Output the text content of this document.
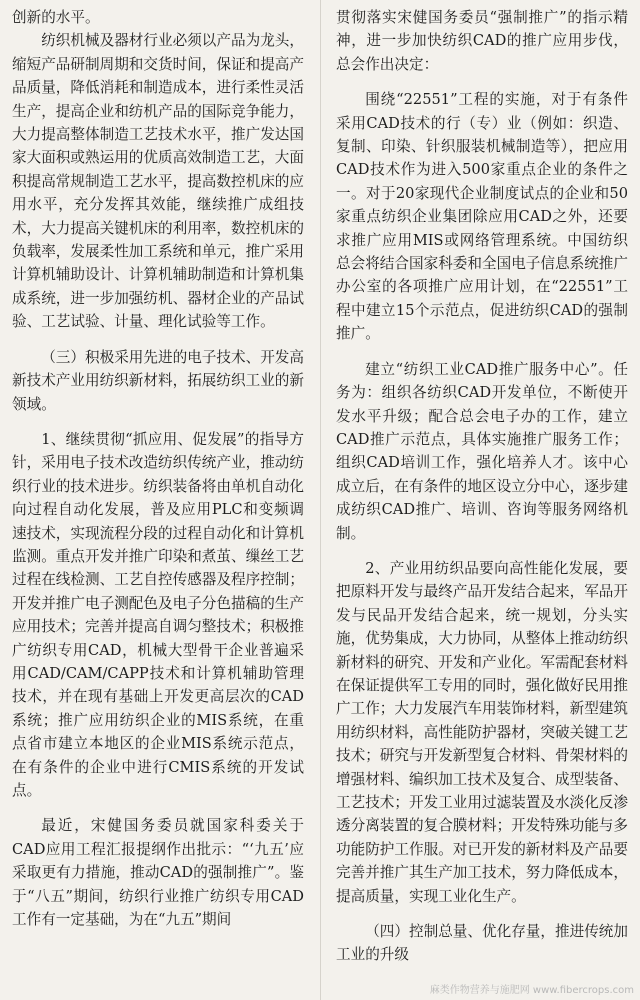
创新的水平。

纺织机械及器材行业必须以产品为龙头，缩短产品研制周期和交货时间，保证和提高产品质量，降低消耗和制造成本，进行柔性灵活生产，提高企业和纺机产品的国际竞争能力，大力提高整体制造工艺技术水平，推广发达国家大面积或熟运用的优质高效制造工艺，大面积提高常规制造工艺水平，提高数控机床的应用水平，充分发挥其效能，继续推广成组技术，大力提高关键机床的利用率，数控机床的负载率，发展柔性加工系统和单元，推广采用计算机辅助设计、计算机辅助制造和计算机集成系统，进一步加强纺机、器材企业的产品试验、工艺试验、计量、理化试验等工作。

（三）积极采用先进的电子技术、开发高新技术产业用纺织新材料，拓展纺织工业的新领域。

1、继续贯彻“抓应用、促发展”的指导方针，采用电子技术改造纺织传统产业，推动纺织行业的技术进步。纺织装备将由单机自动化向过程自动化发展，普及应用PLC和变频调速技术，实现流程分段的过程自动化和计算机监测。重点开发并推广印染和煮茧、缫丝工艺过程在线检测、工艺自控传感器及程序控制；开发并推广电子测配色及电子分色描稿的生产应用技术；完善并提高自调匀整技术；积极推广纺织专用CAD，机械大型骨干企业普遍采用CAD/CAM/CAPP技术和计算机辅助管理技术，并在现有基础上开发更高层次的CAD系统；推广应用纺织企业的MIS系统，在重点省市建立本地区的企业MIS系统示范点，在有条件的企业中进行CMIS系统的开发试点。

最近，宋健国务委员就国家科委关于CAD应用工程汇报提纲作出批示：“‘九五’应采取更有力措施，推动CAD的强制推广”。鉴于“八五”期间，纺织行业推广纺织专用CAD工作有一定基础，为在“九五”期间

贯彻落实宋健国务委员“强制推广”的指示精神，进一步加快纺织CAD的推广应用步伐，总会作出决定：

围绕“22551”工程的实施，对于有条件采用CAD技术的行（专）业（例如：织造、复制、印染、针织服装机械制造等），把应用CAD技术作为进入500家重点企业的条件之一。对于20家现代企业制度试点的企业和50家重点纺织企业集团除应用CAD之外，还要求推广应用MIS或网络管理系统。中国纺织总会将结合国家科委和全国电子信息系统推广办公室的各项推广应用计划，在“22551”工程中建立15个示范点，促进纺织CAD的强制推广。

建立“纺织工业CAD推广服务中心”。任务为：组织各纺织CAD开发单位，不断使开发水平升级；配合总会电子办的工作，建立CAD推广示范点，具体实施推广服务工作；组织CAD培训工作，强化培养人才。该中心成立后，在有条件的地区设立分中心，逐步建成纺织CAD推广、培训、咨询等服务网络机制。

2、产业用纺织品要向高性能化发展，要把原料开发与最终产品开发结合起来，军品开发与民品开发结合起来，统一规划，分头实施，优势集成，大力协同，从整体上推动纺织新材料的研究、开发和产业化。军需配套材料在保证提供军工专用的同时，强化做好民用推广工作；大力发展汽车用装饰材料，新型建筑用纺织材料，高性能防护器材，突破关键工艺技术；研究与开发新型复合材料、骨架材料的增强材料、编织加工技术及复合、成型装备、工艺技术；开发工业用过滤装置及水淡化反渗透分离装置的复合膜材料；开发特殊功能与多功能防护工作服。对已开发的新材料及产品要完善并推广其生产加工技术，努力降低成本，提高质量，实现工业化生产。

（四）控制总量、优化存量，推进传统加工业的升级

麻类作物营养与施肥网 www.fibercrops.com
